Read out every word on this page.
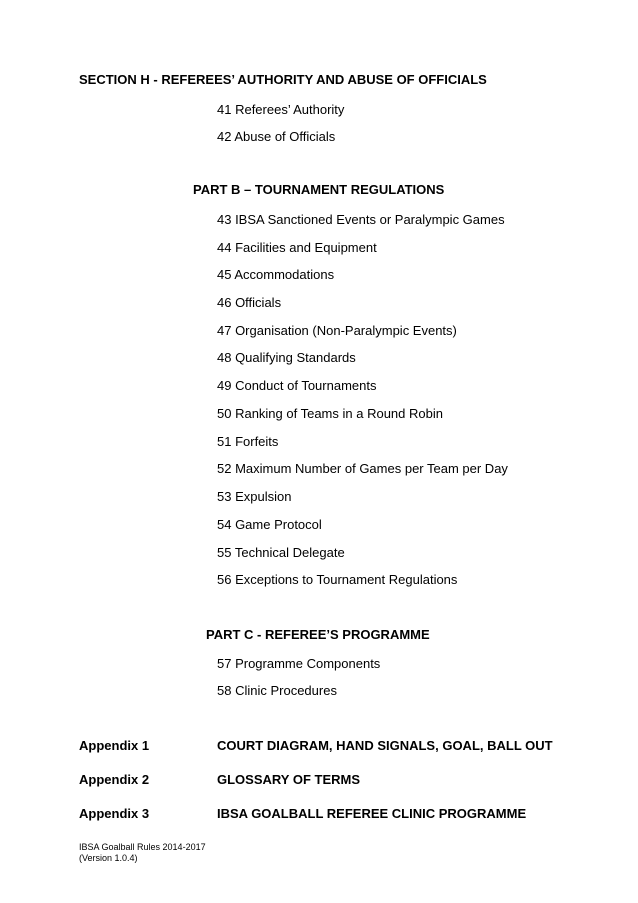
SECTION H - REFEREES’ AUTHORITY AND ABUSE OF OFFICIALS
41 Referees’ Authority
42 Abuse of Officials
PART B – TOURNAMENT REGULATIONS
43 IBSA Sanctioned Events or Paralympic Games
44 Facilities and Equipment
45 Accommodations
46 Officials
47 Organisation (Non-Paralympic Events)
48 Qualifying Standards
49 Conduct of Tournaments
50 Ranking of Teams in a Round Robin
51 Forfeits
52 Maximum Number of Games per Team per Day
53 Expulsion
54 Game Protocol
55 Technical Delegate
56 Exceptions to Tournament Regulations
PART C - REFEREE’S PROGRAMME
57 Programme Components
58 Clinic Procedures
Appendix 1	COURT DIAGRAM, HAND SIGNALS, GOAL, BALL OUT
Appendix 2	GLOSSARY OF TERMS
Appendix 3	IBSA GOALBALL REFEREE CLINIC PROGRAMME
IBSA Goalball Rules 2014-2017
(Version 1.0.4)
